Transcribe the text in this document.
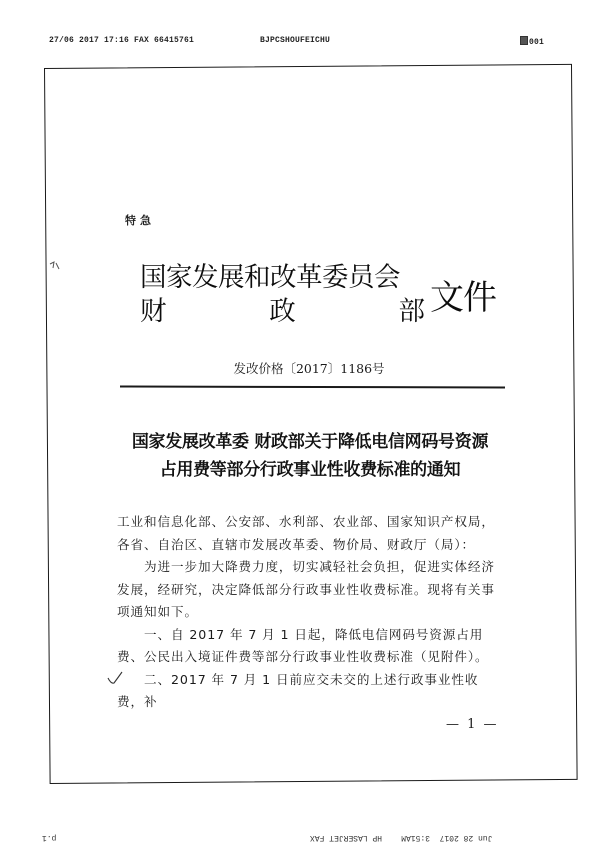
27/06 2017 17:16 FAX 66415761	BJPCSHOUFEICHU	001
特急
国家发展和改革委员会
财	政	部 文件
发改价格〔2017〕1186号
国家发展改革委 财政部关于降低电信网码号资源
占用费等部分行政事业性收费标准的通知

工业和信息化部、公安部、水利部、农业部、国家知识产权局，

各省、自治区、直辖市发展改革委、物价局、财政厅（局）：

为进一步加大降费力度，切实减轻社会负担，促进实体经济发展，经研究，决定降低部分行政事业性收费标准。现将有关事项通知如下。

一、自 2017 年 7 月 1 日起，降低电信网码号资源占用费、公民出入境证件费等部分行政事业性收费标准（见附件）。

二、2017 年 7 月 1 日前应交未交的上述行政事业性收费，补

— 1 —
p.1	Jun 28 2017  3:51AM    HP LASERJET FAX
